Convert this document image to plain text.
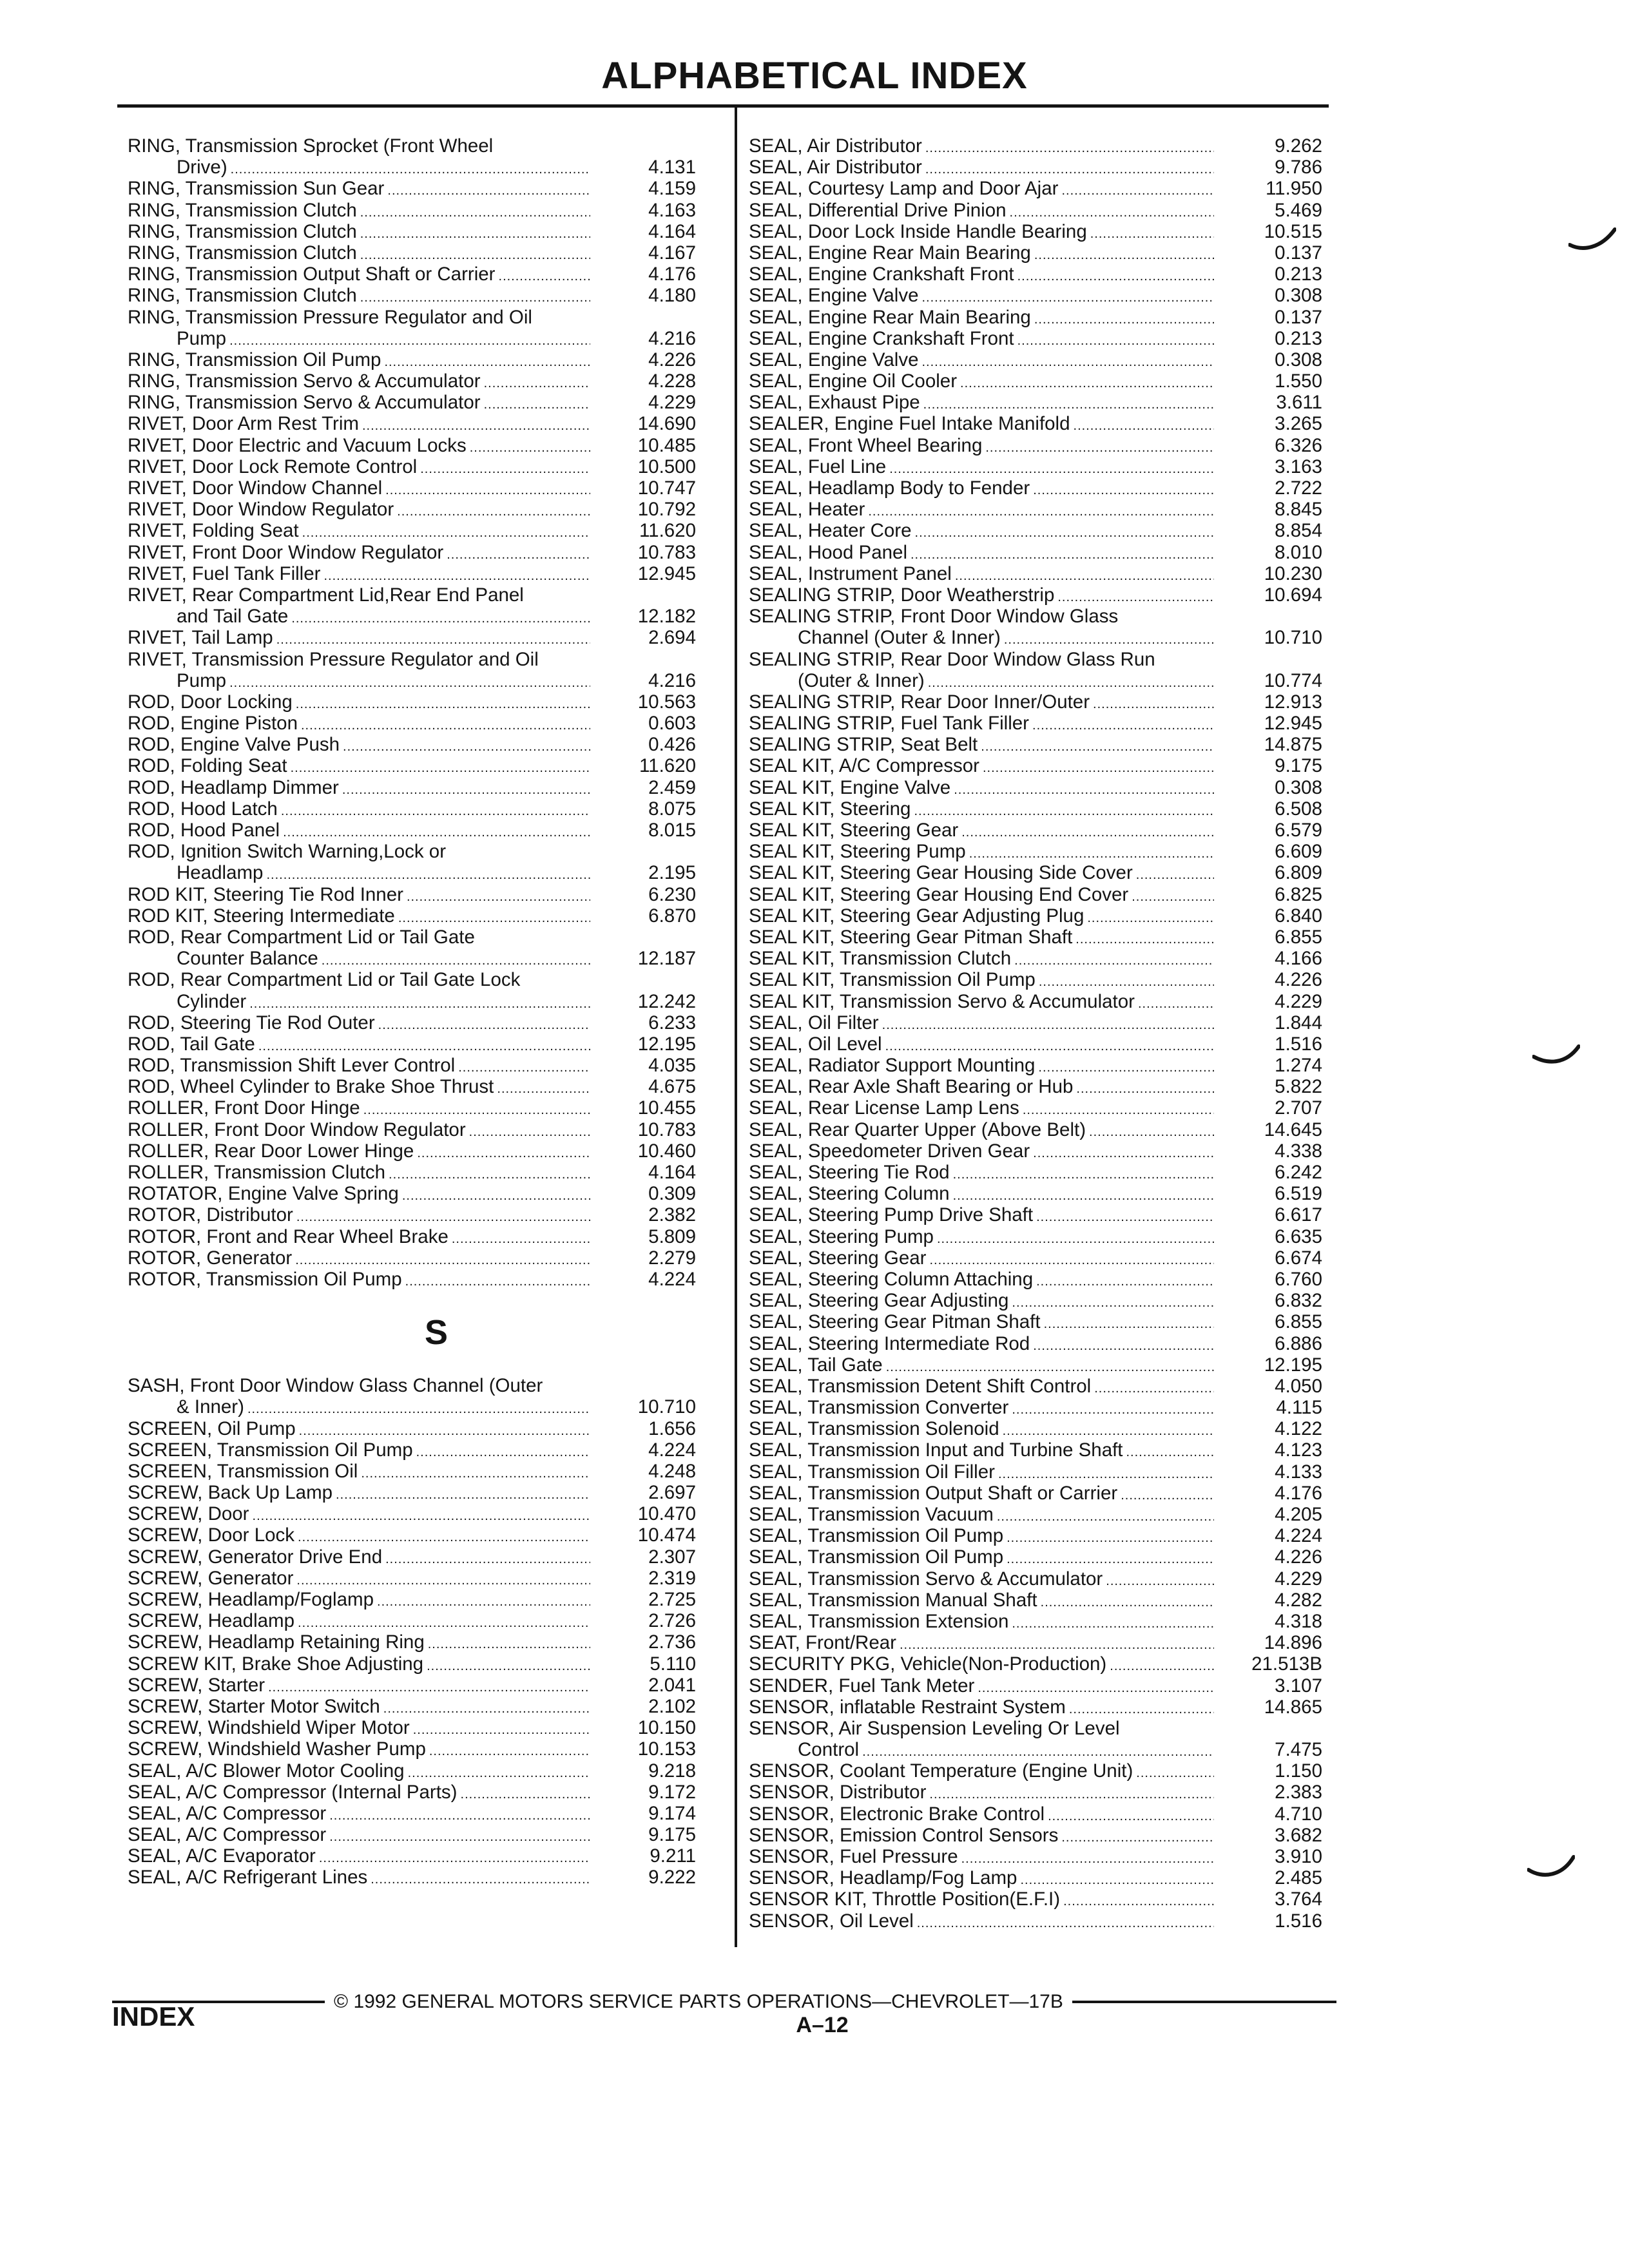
ALPHABETICAL INDEX
RING, Transmission Sprocket (Front Wheel
Drive) .....	4.131
RING, Transmission Sun Gear .....	4.159
RING, Transmission Clutch .....	4.163
RING, Transmission Clutch .....	4.164
RING, Transmission Clutch .....	4.167
RING, Transmission Output Shaft or Carrier .....	4.176
RING, Transmission Clutch .....	4.180
RING, Transmission Pressure Regulator and Oil
Pump .....	4.216
RING, Transmission Oil Pump .....	4.226
RING, Transmission Servo & Accumulator .....	4.228
RING, Transmission Servo & Accumulator .....	4.229
RIVET, Door Arm Rest Trim .....	14.690
RIVET, Door Electric and Vacuum Locks .....	10.485
RIVET, Door Lock Remote Control .....	10.500
RIVET, Door Window Channel .....	10.747
RIVET, Door Window Regulator .....	10.792
RIVET, Folding Seat .....	11.620
RIVET, Front Door Window Regulator .....	10.783
RIVET, Fuel Tank Filler .....	12.945
RIVET, Rear Compartment Lid,Rear End Panel
and Tail Gate .....	12.182
RIVET, Tail Lamp .....	2.694
RIVET, Transmission Pressure Regulator and Oil
Pump .....	4.216
ROD, Door Locking .....	10.563
ROD, Engine Piston .....	0.603
ROD, Engine Valve Push .....	0.426
ROD, Folding Seat .....	11.620
ROD, Headlamp Dimmer .....	2.459
ROD, Hood Latch .....	8.075
ROD, Hood Panel .....	8.015
ROD, Ignition Switch Warning,Lock or
Headlamp .....	2.195
ROD KIT, Steering Tie Rod Inner .....	6.230
ROD KIT, Steering Intermediate .....	6.870
ROD, Rear Compartment Lid or Tail Gate
Counter Balance .....	12.187
ROD, Rear Compartment Lid or Tail Gate Lock
Cylinder .....	12.242
ROD, Steering Tie Rod Outer .....	6.233
ROD, Tail Gate .....	12.195
ROD, Transmission Shift Lever Control .....	4.035
ROD, Wheel Cylinder to Brake Shoe Thrust .....	4.675
ROLLER, Front Door Hinge .....	10.455
ROLLER, Front Door Window Regulator .....	10.783
ROLLER, Rear Door Lower Hinge .....	10.460
ROLLER, Transmission Clutch .....	4.164
ROTATOR, Engine Valve Spring .....	0.309
ROTOR, Distributor .....	2.382
ROTOR, Front and Rear Wheel Brake .....	5.809
ROTOR, Generator .....	2.279
ROTOR, Transmission Oil Pump .....	4.224
S
SASH, Front Door Window Glass Channel (Outer
& Inner) .....	10.710
SCREEN, Oil Pump .....	1.656
SCREEN, Transmission Oil Pump .....	4.224
SCREEN, Transmission Oil .....	4.248
SCREW, Back Up Lamp .....	2.697
SCREW, Door .....	10.470
SCREW, Door Lock .....	10.474
SCREW, Generator Drive End .....	2.307
SCREW, Generator .....	2.319
SCREW, Headlamp/Foglamp .....	2.725
SCREW, Headlamp .....	2.726
SCREW, Headlamp Retaining Ring .....	2.736
SCREW KIT, Brake Shoe Adjusting .....	5.110
SCREW, Starter .....	2.041
SCREW, Starter Motor Switch .....	2.102
SCREW, Windshield Wiper Motor .....	10.150
SCREW, Windshield Washer Pump .....	10.153
SEAL, A/C Blower Motor Cooling .....	9.218
SEAL, A/C Compressor (Internal Parts) .....	9.172
SEAL, A/C Compressor .....	9.174
SEAL, A/C Compressor .....	9.175
SEAL, A/C Evaporator .....	9.211
SEAL, A/C Refrigerant Lines .....	9.222
SEAL, Air Distributor .....	9.262
SEAL, Air Distributor .....	9.786
SEAL, Courtesy Lamp and Door Ajar .....	11.950
SEAL, Differential Drive Pinion .....	5.469
SEAL, Door Lock Inside Handle Bearing .....	10.515
SEAL, Engine Rear Main Bearing .....	0.137
SEAL, Engine Crankshaft Front .....	0.213
SEAL, Engine Valve .....	0.308
SEAL, Engine Rear Main Bearing .....	0.137
SEAL, Engine Crankshaft Front .....	0.213
SEAL, Engine Valve .....	0.308
SEAL, Engine Oil Cooler .....	1.550
SEAL, Exhaust Pipe .....	3.611
SEALER, Engine Fuel Intake Manifold .....	3.265
SEAL, Front Wheel Bearing .....	6.326
SEAL, Fuel Line .....	3.163
SEAL, Headlamp Body to Fender .....	2.722
SEAL, Heater .....	8.845
SEAL, Heater Core .....	8.854
SEAL, Hood Panel .....	8.010
SEAL, Instrument Panel .....	10.230
SEALING STRIP, Door Weatherstrip .....	10.694
SEALING STRIP, Front Door Window Glass
Channel (Outer & Inner) .....	10.710
SEALING STRIP, Rear Door Window Glass Run
(Outer & Inner) .....	10.774
SEALING STRIP, Rear Door Inner/Outer .....	12.913
SEALING STRIP, Fuel Tank Filler .....	12.945
SEALING STRIP, Seat Belt .....	14.875
SEAL KIT, A/C Compressor .....	9.175
SEAL KIT, Engine Valve .....	0.308
SEAL KIT, Steering .....	6.508
SEAL KIT, Steering Gear .....	6.579
SEAL KIT, Steering Pump .....	6.609
SEAL KIT, Steering Gear Housing Side Cover .....	6.809
SEAL KIT, Steering Gear Housing End Cover .....	6.825
SEAL KIT, Steering Gear Adjusting Plug .....	6.840
SEAL KIT, Steering Gear Pitman Shaft .....	6.855
SEAL KIT, Transmission Clutch .....	4.166
SEAL KIT, Transmission Oil Pump .....	4.226
SEAL KIT, Transmission Servo & Accumulator .....	4.229
SEAL, Oil Filter .....	1.844
SEAL, Oil Level .....	1.516
SEAL, Radiator Support Mounting .....	1.274
SEAL, Rear Axle Shaft Bearing or Hub .....	5.822
SEAL, Rear License Lamp Lens .....	2.707
SEAL, Rear Quarter Upper (Above Belt) .....	14.645
SEAL, Speedometer Driven Gear .....	4.338
SEAL, Steering Tie Rod .....	6.242
SEAL, Steering Column .....	6.519
SEAL, Steering Pump Drive Shaft .....	6.617
SEAL, Steering Pump .....	6.635
SEAL, Steering Gear .....	6.674
SEAL, Steering Column Attaching .....	6.760
SEAL, Steering Gear Adjusting .....	6.832
SEAL, Steering Gear Pitman Shaft .....	6.855
SEAL, Steering Intermediate Rod .....	6.886
SEAL, Tail Gate .....	12.195
SEAL, Transmission Detent Shift Control .....	4.050
SEAL, Transmission Converter .....	4.115
SEAL, Transmission Solenoid .....	4.122
SEAL, Transmission Input and Turbine Shaft .....	4.123
SEAL, Transmission Oil Filler .....	4.133
SEAL, Transmission Output Shaft or Carrier .....	4.176
SEAL, Transmission Vacuum .....	4.205
SEAL, Transmission Oil Pump .....	4.224
SEAL, Transmission Oil Pump .....	4.226
SEAL, Transmission Servo & Accumulator .....	4.229
SEAL, Transmission Manual Shaft .....	4.282
SEAL, Transmission Extension .....	4.318
SEAT, Front/Rear .....	14.896
SECURITY PKG, Vehicle(Non-Production) .....	21.513B
SENDER, Fuel Tank Meter .....	3.107
SENSOR, inflatable Restraint System .....	14.865
SENSOR, Air Suspension Leveling Or Level
Control .....	7.475
SENSOR, Coolant Temperature (Engine Unit) .....	1.150
SENSOR, Distributor .....	2.383
SENSOR, Electronic Brake Control .....	4.710
SENSOR, Emission Control Sensors .....	3.682
SENSOR, Fuel Pressure .....	3.910
SENSOR, Headlamp/Fog Lamp .....	2.485
SENSOR KIT, Throttle Position(E.F.I) .....	3.764
SENSOR, Oil Level .....	1.516
© 1992 GENERAL MOTORS SERVICE PARTS OPERATIONS—CHEVROLET—17B
INDEX	A–12
